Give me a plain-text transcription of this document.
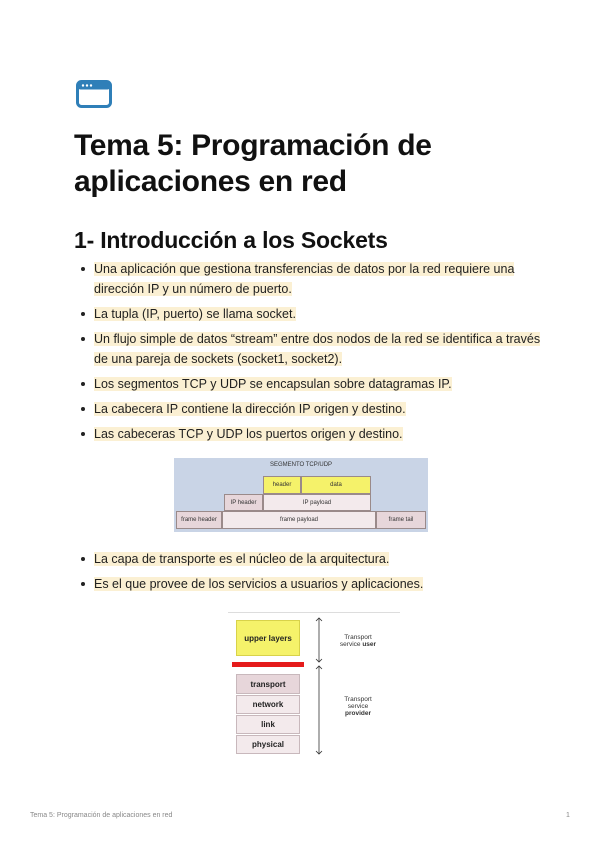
Tema 5: Programación de aplicaciones en red
1- Introducción a los Sockets
Una aplicación que gestiona transferencias de datos por la red requiere una dirección IP y un número de puerto.
La tupla (IP, puerto) se llama socket.
Un flujo simple de datos “stream” entre dos nodos de la red se identifica a través de una pareja de sockets (socket1, socket2).
Los segmentos TCP y UDP se encapsulan sobre datagramas IP.
La cabecera IP contiene la dirección IP origen y destino.
Las cabeceras TCP y UDP los puertos origen y destino.
SEGMENTO TCP/UDP
header	data
IP header	IP payload
frame header	frame payload	frame tail
La capa de transporte es el núcleo de la arquitectura.
Es el que provee de los servicios a usuarios y aplicaciones.
upper layers
transport
network
link
physical
Transport
service user
Transport
service
provider
Tema 5: Programación de aplicaciones en red	1
